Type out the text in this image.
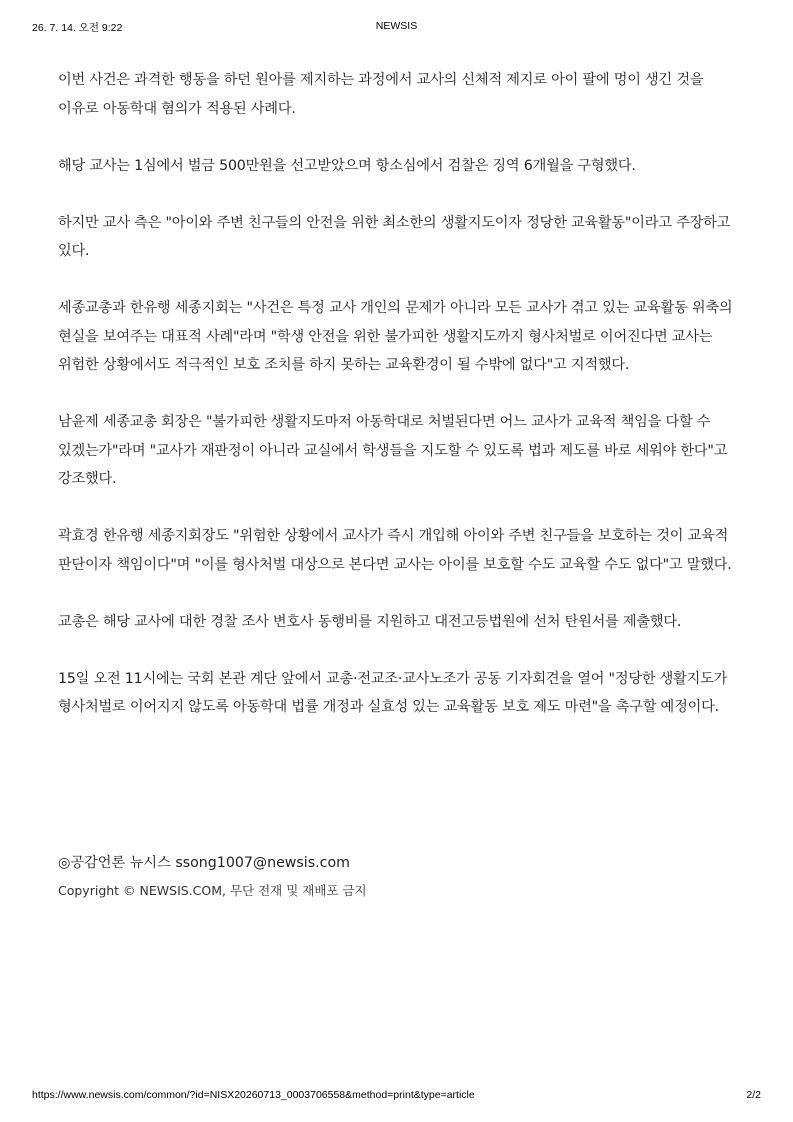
26. 7. 14. 오전 9:22	NEWSIS

이번 사건은 과격한 행동을 하던 원아를 제지하는 과정에서 교사의 신체적 제지로 아이 팔에 멍이 생긴 것을 이유로 아동학대 혐의가 적용된 사례다.

해당 교사는 1심에서 벌금 500만원을 선고받았으며 항소심에서 검찰은 징역 6개월을 구형했다.

하지만 교사 측은 "아이와 주변 친구들의 안전을 위한 최소한의 생활지도이자 정당한 교육활동"이라고 주장하고 있다.

세종교총과 한유행 세종지회는 "사건은 특정 교사 개인의 문제가 아니라 모든 교사가 겪고 있는 교육활동 위축의 현실을 보여주는 대표적 사례"라며 "학생 안전을 위한 불가피한 생활지도까지 형사처벌로 이어진다면 교사는 위험한 상황에서도 적극적인 보호 조치를 하지 못하는 교육환경이 될 수밖에 없다"고 지적했다.

남윤제 세종교총 회장은 "불가피한 생활지도마저 아동학대로 처벌된다면 어느 교사가 교육적 책임을 다할 수 있겠는가"라며 "교사가 재판정이 아니라 교실에서 학생들을 지도할 수 있도록 법과 제도를 바로 세워야 한다"고 강조했다.

곽효경 한유행 세종지회장도 "위험한 상황에서 교사가 즉시 개입해 아이와 주변 친구들을 보호하는 것이 교육적 판단이자 책임이다"며 "이를 형사처벌 대상으로 본다면 교사는 아이를 보호할 수도 교육할 수도 없다"고 말했다.

교총은 해당 교사에 대한 경찰 조사 변호사 동행비를 지원하고 대전고등법원에 선처 탄원서를 제출했다.

15일 오전 11시에는 국회 본관 계단 앞에서 교총·전교조·교사노조가 공동 기자회견을 열어 "정당한 생활지도가 형사처벌로 이어지지 않도록 아동학대 법률 개정과 실효성 있는 교육활동 보호 제도 마련"을 촉구할 예정이다.

◎공감언론 뉴시스 ssong1007@newsis.com
Copyright © NEWSIS.COM, 무단 전재 및 재배포 금지
https://www.newsis.com/common/?id=NISX20260713_0003706558&method=print&type=article	2/2
